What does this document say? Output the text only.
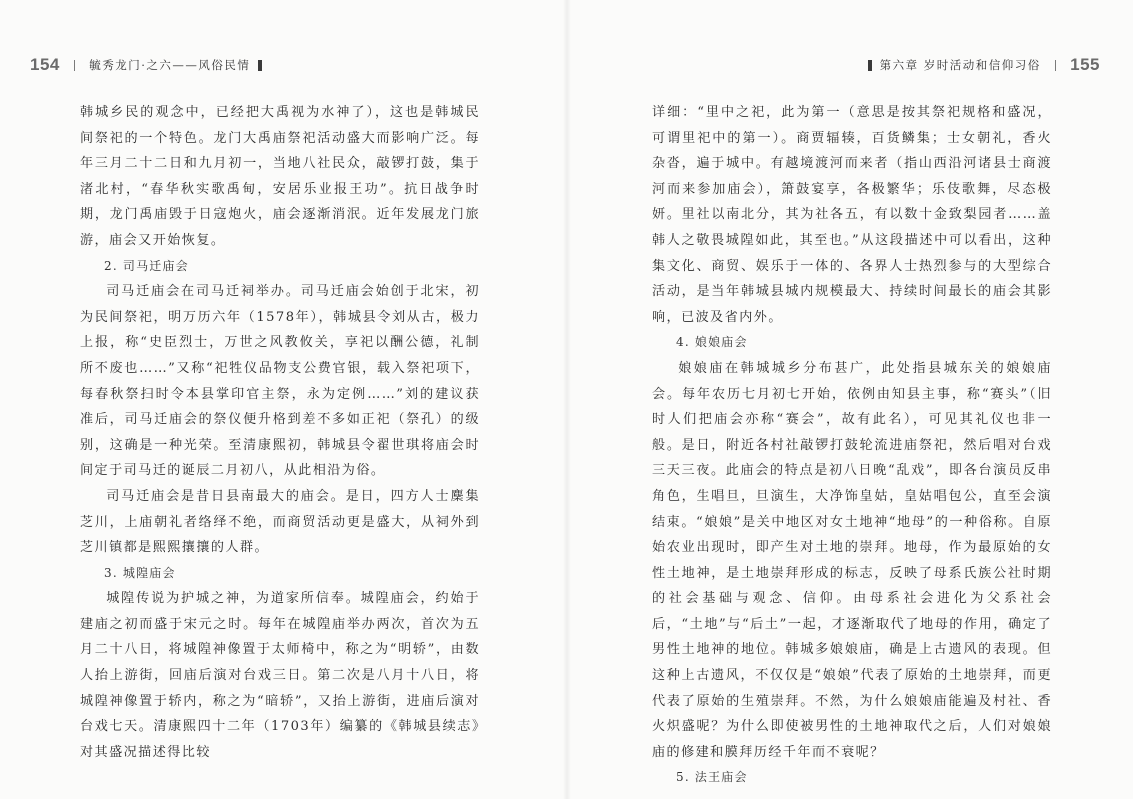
154	毓秀龙门·之六——风俗民情

韩城乡民的观念中，已经把大禹视为水神了），这也是韩城民间祭祀的一个特色。龙门大禹庙祭祀活动盛大而影响广泛。每年三月二十二日和九月初一，当地八社民众，敲锣打鼓，集于渚北村，“春华秋实歌禹甸，安居乐业报王功”。抗日战争时期，龙门禹庙毁于日寇炮火，庙会逐渐消泯。近年发展龙门旅游，庙会又开始恢复。

2. 司马迁庙会

司马迁庙会在司马迁祠举办。司马迁庙会始创于北宋，初为民间祭祀，明万历六年（1578年），韩城县令刘从古，极力上报，称“史臣烈士，万世之风教攸关，享祀以酬公德，礼制所不废也……”又称“祀牲仪品物支公费官银，载入祭祀项下，每春秋祭扫时令本县掌印官主祭，永为定例……”刘的建议获准后，司马迁庙会的祭仪便升格到差不多如正祀（祭孔）的级别，这确是一种光荣。至清康熙初，韩城县令翟世琪将庙会时间定于司马迁的诞辰二月初八，从此相沿为俗。

司马迁庙会是昔日县南最大的庙会。是日，四方人士麇集芝川，上庙朝礼者络绎不绝，而商贸活动更是盛大，从祠外到芝川镇都是熙熙攘攘的人群。

3. 城隍庙会

城隍传说为护城之神，为道家所信奉。城隍庙会，约始于建庙之初而盛于宋元之时。每年在城隍庙举办两次，首次为五月二十八日，将城隍神像置于太师椅中，称之为“明轿”，由数人抬上游街，回庙后演对台戏三日。第二次是八月十八日，将城隍神像置于轿内，称之为“暗轿”，又抬上游街，进庙后演对台戏七天。清康熙四十二年（1703年）编纂的《韩城县续志》对其盛况描述得比较

第六章 岁时活动和信仰习俗 155

详细：“里中之祀，此为第一（意思是按其祭祀规格和盛况，可谓里祀中的第一）。商贾辐辏，百货鳞集；士女朝礼，香火杂沓，遍于城中。有越境渡河而来者（指山西沿河诸县士商渡河而来参加庙会），箫鼓宴享，各极繁华；乐伎歌舞，尽态极妍。里社以南北分，其为社各五，有以数十金致梨园者……盖韩人之敬畏城隍如此，其至也。”从这段描述中可以看出，这种集文化、商贸、娱乐于一体的、各界人士热烈参与的大型综合活动，是当年韩城县城内规模最大、持续时间最长的庙会其影响，已波及省内外。

4. 娘娘庙会

娘娘庙在韩城城乡分布甚广，此处指县城东关的娘娘庙会。每年农历七月初七开始，依例由知县主事，称“赛头”（旧时人们把庙会亦称“赛会”，故有此名），可见其礼仪也非一般。是日，附近各村社敲锣打鼓轮流进庙祭祀，然后唱对台戏三天三夜。此庙会的特点是初八日晚“乱戏”，即各台演员反串角色，生唱旦，旦演生，大净饰皇姑，皇姑唱包公，直至会演结束。“娘娘”是关中地区对女土地神“地母”的一种俗称。自原始农业出现时，即产生对土地的崇拜。地母，作为最原始的女性土地神，是土地崇拜形成的标志，反映了母系氏族公社时期的社会基础与观念、信仰。由母系社会进化为父系社会后，“土地”与“后土”一起，才逐渐取代了地母的作用，确定了男性土地神的地位。韩城多娘娘庙，确是上古遗风的表现。但这种上古遗风，不仅仅是“娘娘”代表了原始的土地崇拜，而更代表了原始的生殖崇拜。不然，为什么娘娘庙能遍及村社、香火炽盛呢？为什么即使被男性的土地神取代之后，人们对娘娘庙的修建和膜拜历经千年而不衰呢？

5. 法王庙会
